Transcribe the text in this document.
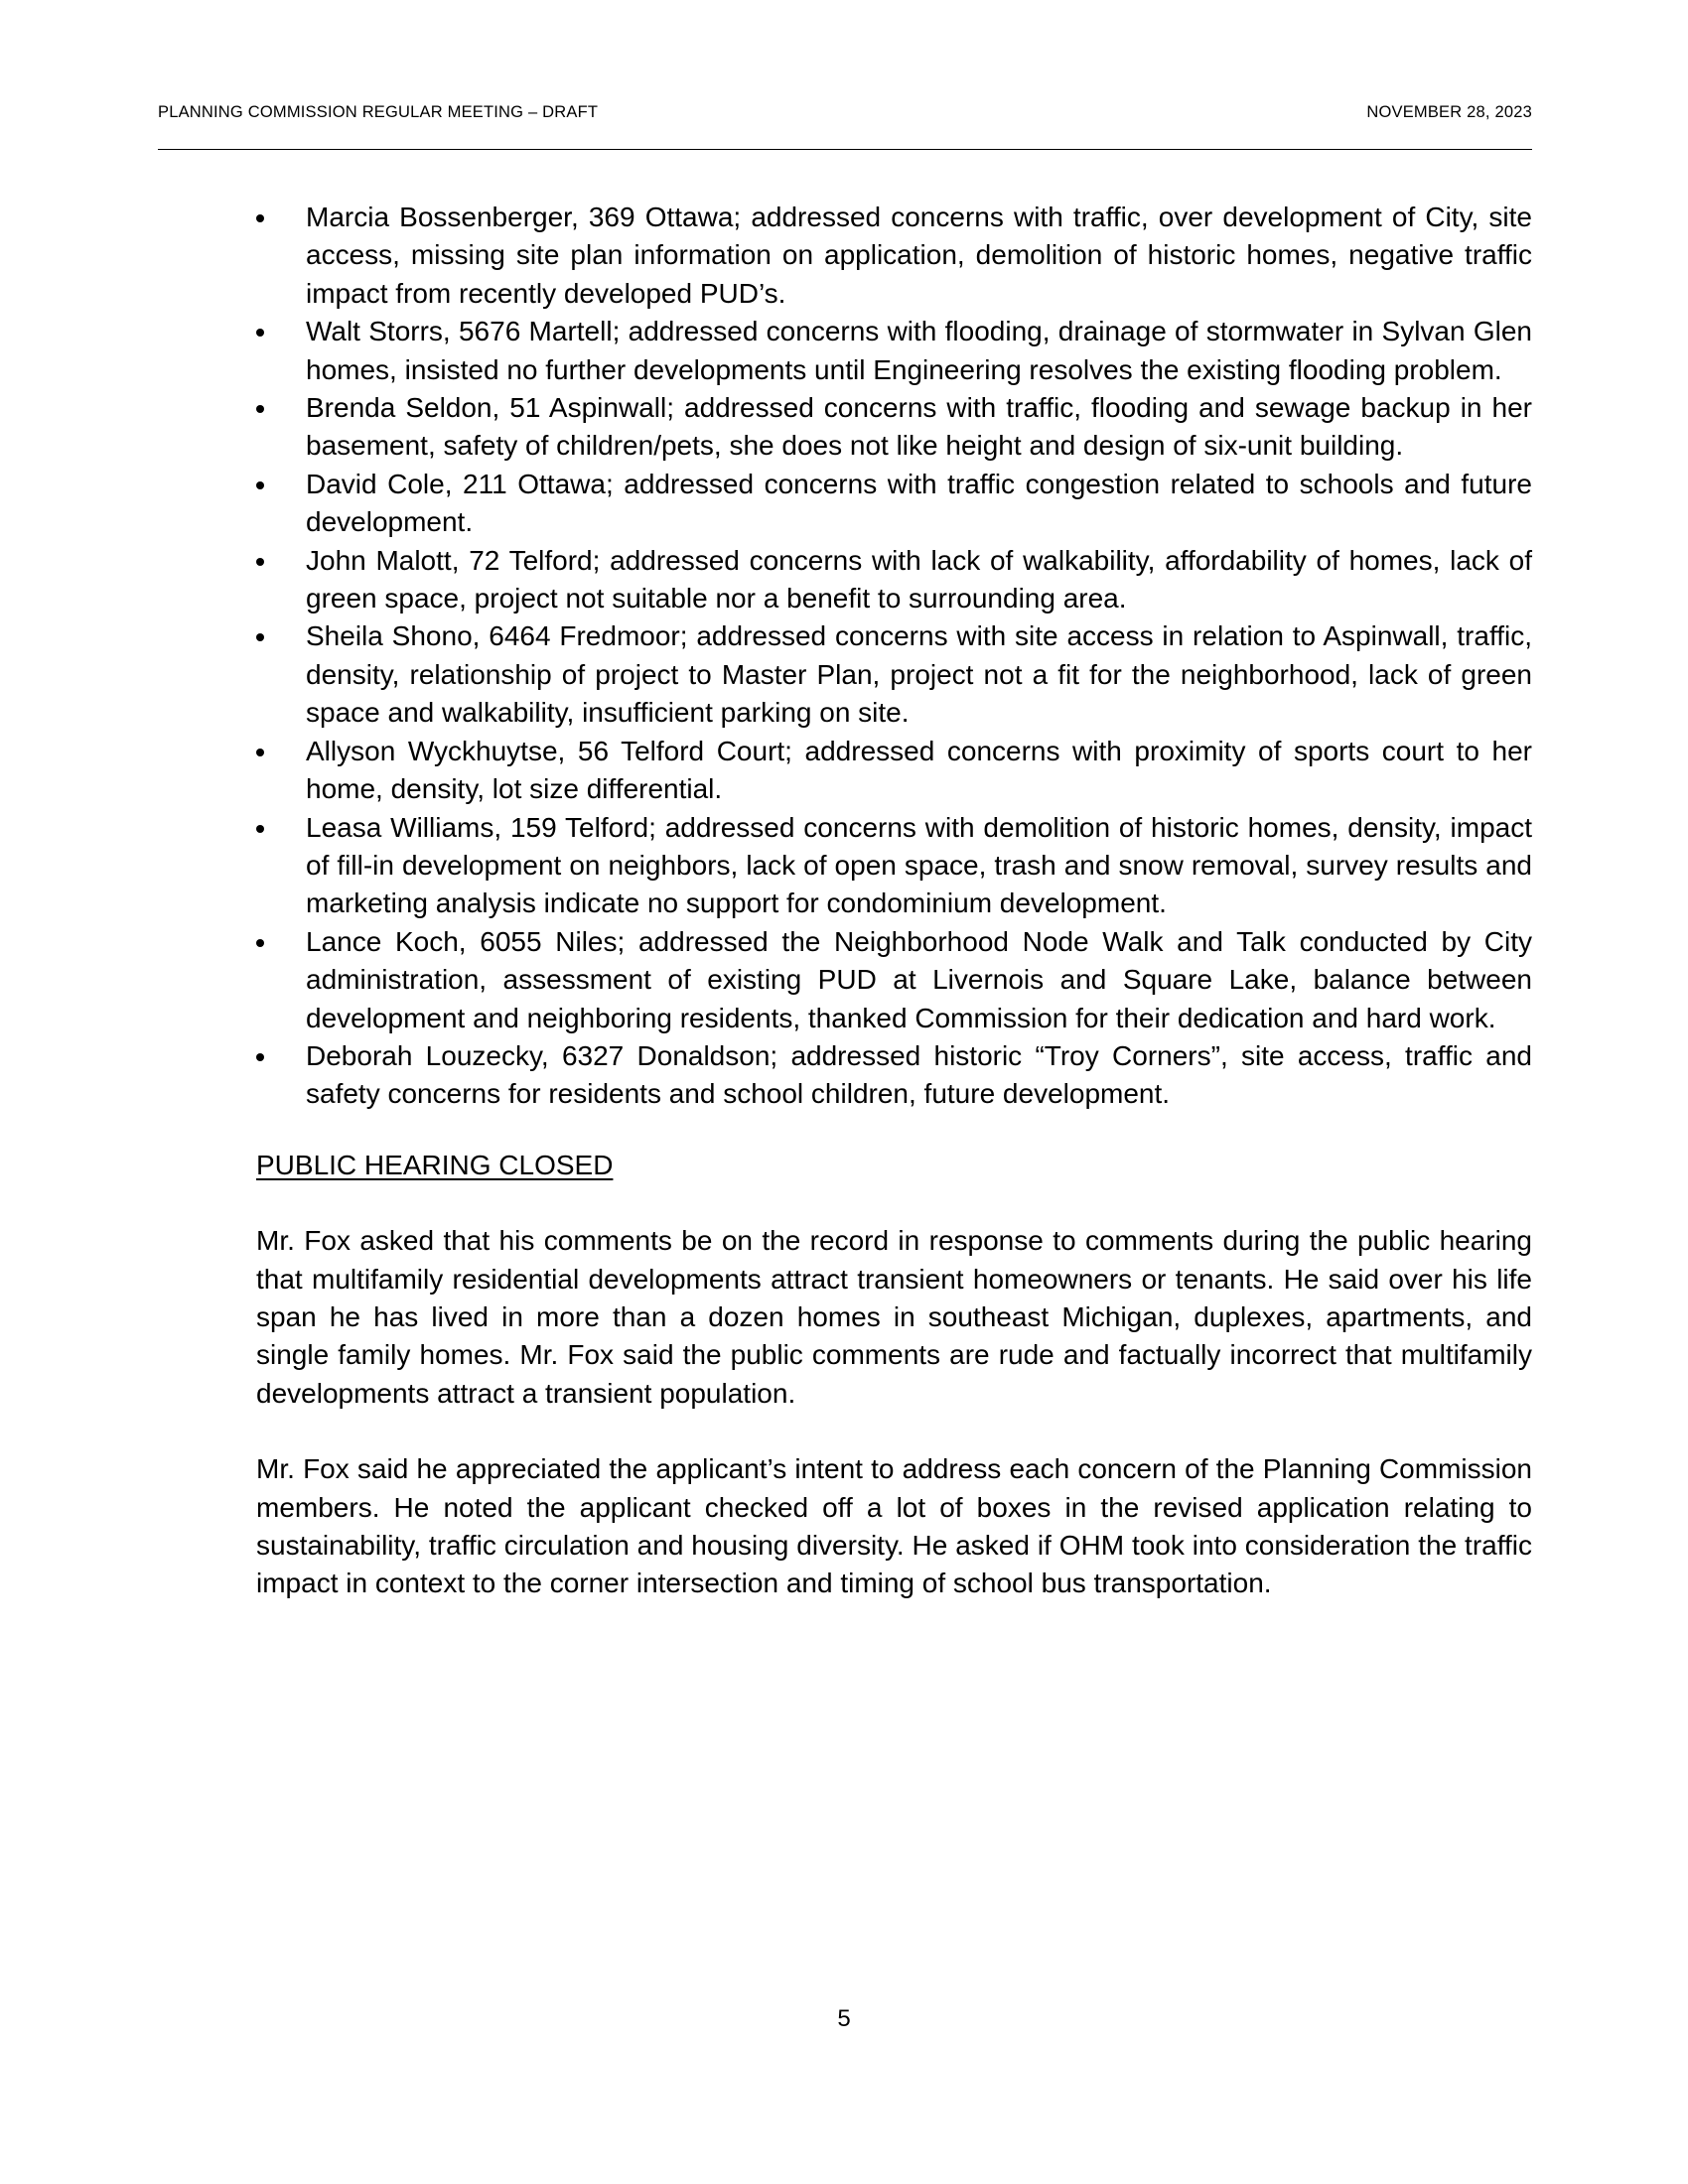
PLANNING COMMISSION REGULAR MEETING – DRAFT	NOVEMBER 28, 2023
Marcia Bossenberger, 369 Ottawa; addressed concerns with traffic, over development of City, site access, missing site plan information on application, demolition of historic homes, negative traffic impact from recently developed PUD’s.
Walt Storrs, 5676 Martell; addressed concerns with flooding, drainage of stormwater in Sylvan Glen homes, insisted no further developments until Engineering resolves the existing flooding problem.
Brenda Seldon, 51 Aspinwall; addressed concerns with traffic, flooding and sewage backup in her basement, safety of children/pets, she does not like height and design of six-unit building.
David Cole, 211 Ottawa; addressed concerns with traffic congestion related to schools and future development.
John Malott, 72 Telford; addressed concerns with lack of walkability, affordability of homes, lack of green space, project not suitable nor a benefit to surrounding area.
Sheila Shono, 6464 Fredmoor; addressed concerns with site access in relation to Aspinwall, traffic, density, relationship of project to Master Plan, project not a fit for the neighborhood, lack of green space and walkability, insufficient parking on site.
Allyson Wyckhuytse, 56 Telford Court; addressed concerns with proximity of sports court to her home, density, lot size differential.
Leasa Williams, 159 Telford; addressed concerns with demolition of historic homes, density, impact of fill-in development on neighbors, lack of open space, trash and snow removal, survey results and marketing analysis indicate no support for condominium development.
Lance Koch, 6055 Niles; addressed the Neighborhood Node Walk and Talk conducted by City administration, assessment of existing PUD at Livernois and Square Lake, balance between development and neighboring residents, thanked Commission for their dedication and hard work.
Deborah Louzecky, 6327 Donaldson; addressed historic “Troy Corners”, site access, traffic and safety concerns for residents and school children, future development.
PUBLIC HEARING CLOSED

Mr. Fox asked that his comments be on the record in response to comments during the public hearing that multifamily residential developments attract transient homeowners or tenants. He said over his life span he has lived in more than a dozen homes in southeast Michigan, duplexes, apartments, and single family homes. Mr. Fox said the public comments are rude and factually incorrect that multifamily developments attract a transient population.

Mr. Fox said he appreciated the applicant’s intent to address each concern of the Planning Commission members. He noted the applicant checked off a lot of boxes in the revised application relating to sustainability, traffic circulation and housing diversity. He asked if OHM took into consideration the traffic impact in context to the corner intersection and timing of school bus transportation.

5
